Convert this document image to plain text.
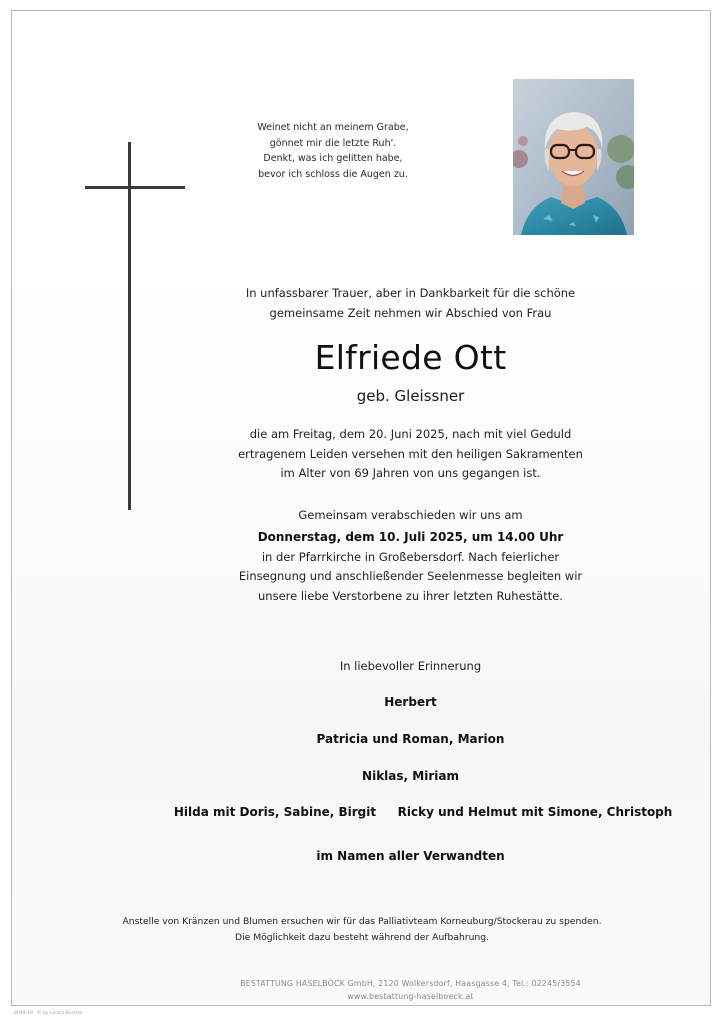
Weinet nicht an meinem Grabe,
gönnet mir die letzte Ruh'.
Denkt, was ich gelitten habe,
bevor ich schloss die Augen zu.
In unfassbarer Trauer, aber in Dankbarkeit für die schöne
gemeinsame Zeit nehmen wir Abschied von Frau
Elfriede Ott
geb. Gleissner
die am Freitag, dem 20. Juni 2025, nach mit viel Geduld
ertragenem Leiden versehen mit den heiligen Sakramenten
im Alter von 69 Jahren von uns gegangen ist.
Gemeinsam verabschieden wir uns am
Donnerstag, dem 10. Juli 2025, um 14.00 Uhr
in der Pfarrkirche in Großebersdorf. Nach feierlicher
Einsegnung und anschließender Seelenmesse begleiten wir
unsere liebe Verstorbene zu ihrer letzten Ruhestätte.
In liebevoller Erinnerung
Herbert
Patricia und Roman, Marion
Niklas, Miriam
Hilda mit Doris, Sabine, Birgit	Ricky und Helmut mit Simone, Christoph
im Namen aller Verwandten
Anstelle von Kränzen und Blumen ersuchen wir für das Palliativteam Korneuburg/Stockerau zu spenden.
Die Möglichkeit dazu besteht während der Aufbahrung.
BESTATTUNG HASELBÖCK GmbH, 2120 Wolkersdorf, Haasgasse 4, Tel.: 02245/3554
www.bestattung-haselboeck.at
8049-10 · © by Linsch-Buchse
